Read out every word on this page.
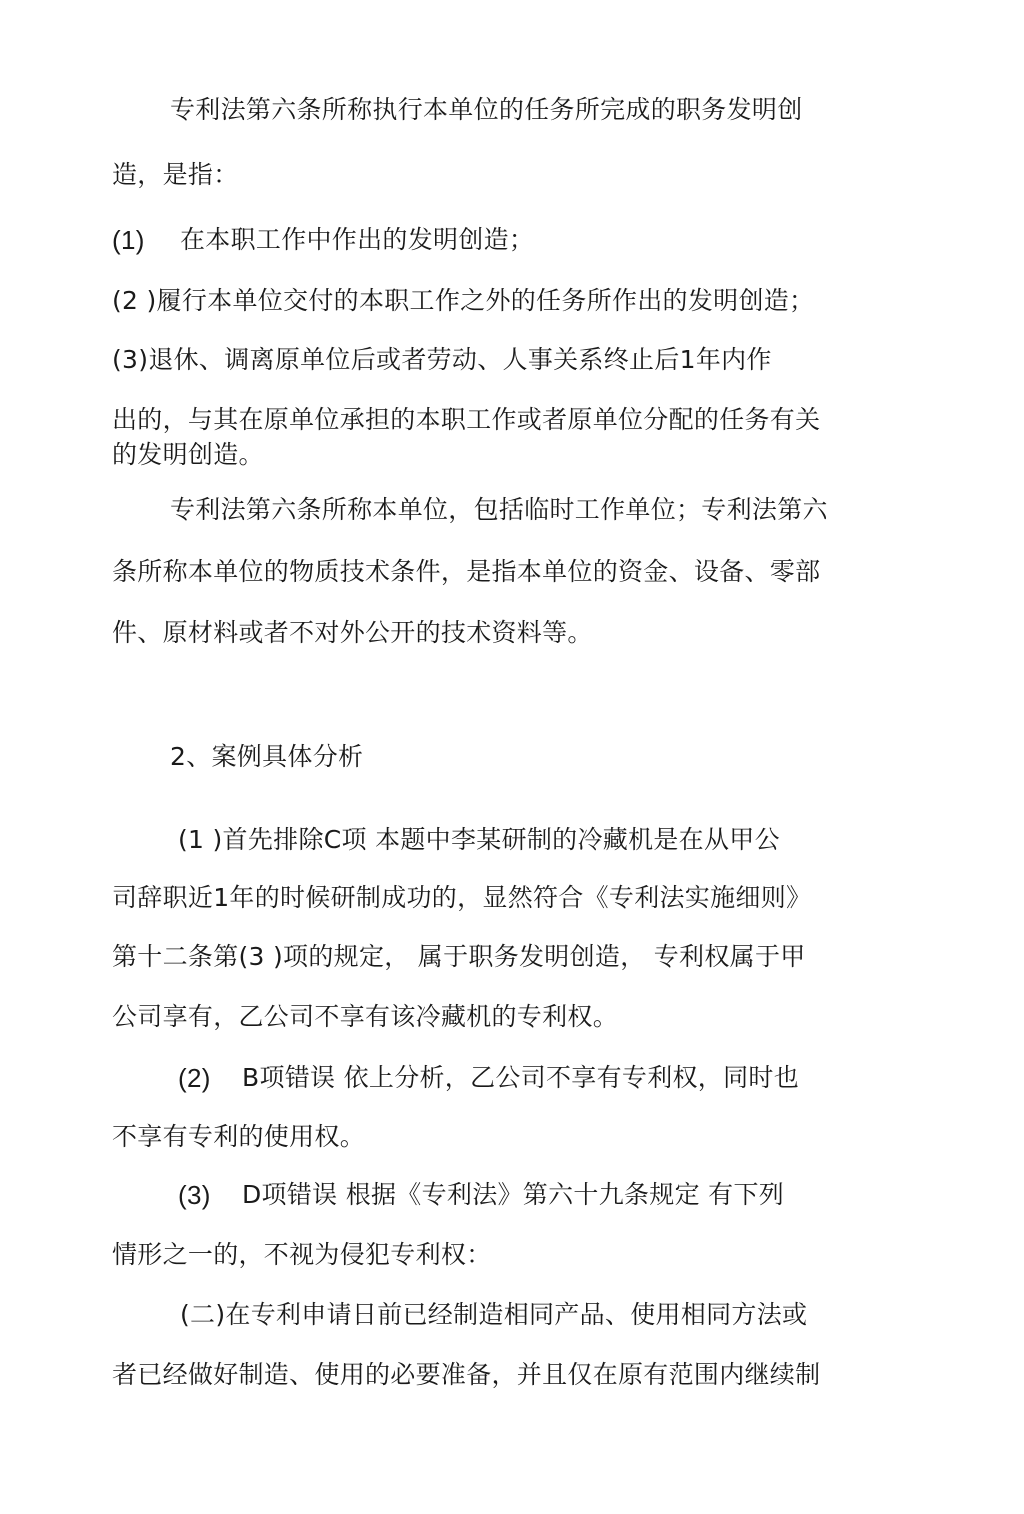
专利法第六条所称执行本单位的任务所完成的职务发明创
造，是指：
(1) 在本职工作中作出的发明创造；
(2 )履行本单位交付的本职工作之外的任务所作出的发明创造；
(3)退休、调离原单位后或者劳动、人事关系终止后1年内作
出的，与其在原单位承担的本职工作或者原单位分配的任务有关
的发明创造。
专利法第六条所称本单位，包括临时工作单位；专利法第六
条所称本单位的物质技术条件，是指本单位的资金、设备、零部
件、原材料或者不对外公开的技术资料等。
2、案例具体分析
(1 )首先排除C项 本题中李某研制的冷藏机是在从甲公
司辞职近1年的时候研制成功的，显然符合《专利法实施细则》
第十二条第(3 )项的规定， 属于职务发明创造， 专利权属于甲
公司享有，乙公司不享有该冷藏机的专利权。
(2) B项错误 依上分析，乙公司不享有专利权，同时也
不享有专利的使用权。
(3) D项错误 根据《专利法》第六十九条规定 有下列
情形之一的，不视为侵犯专利权：
(二)在专利申请日前已经制造相同产品、使用相同方法或
者已经做好制造、使用的必要准备，并且仅在原有范围内继续制
